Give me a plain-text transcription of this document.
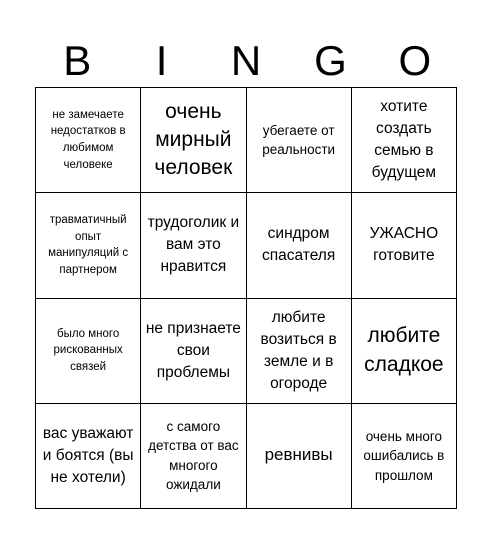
B	I	N	G	O
не замечаете недостатков в любимом человеке
очень мирный человек
убегаете от реальности
хотите создать семью в будущем
травматичный опыт манипуляций с партнером
трудоголик и вам это нравится
синдром спасателя
УЖАСНО готовите
было много рискованных связей
не признаете свои проблемы
любите возиться в земле и в огороде
любите сладкое
вас уважают и боятся (вы не хотели)
с самого детства от вас многого ожидали
ревнивы
очень много ошибались в прошлом
